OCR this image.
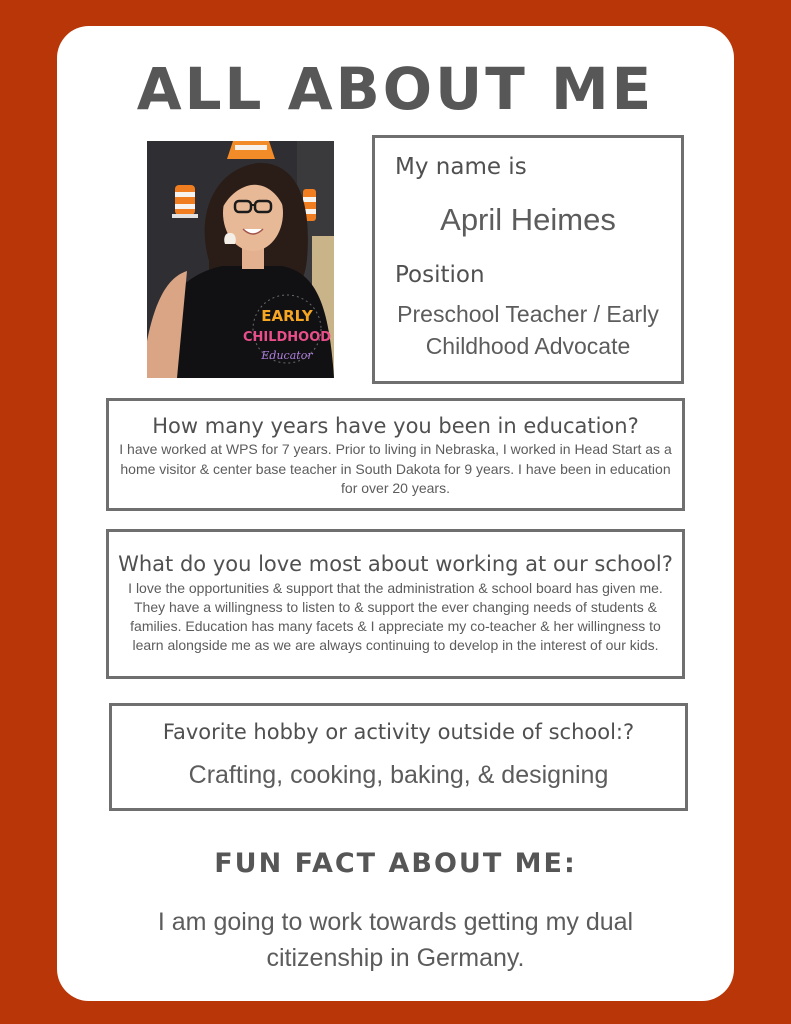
ALL ABOUT ME
EARLY
CHILDHOOD
Educator

My name is

April Heimes

Position

Preschool Teacher / Early Childhood Advocate

How many years have you been in education?

I have worked at WPS for 7 years. Prior to living in Nebraska, I worked in Head Start as a home visitor & center base teacher in South Dakota for 9 years. I have been in education for over 20 years.

What do you love most about working at our school?

I love the opportunities & support that the administration & school board has given me. They have a willingness to listen to & support the ever changing needs of students & families. Education has many facets & I appreciate my co-teacher & her willingness to learn alongside me as we are always continuing to develop in the interest of our kids.

Favorite hobby or activity outside of school:?

Crafting, cooking, baking, & designing

FUN FACT ABOUT ME:

I am going to work towards getting my dual citizenship in Germany.
